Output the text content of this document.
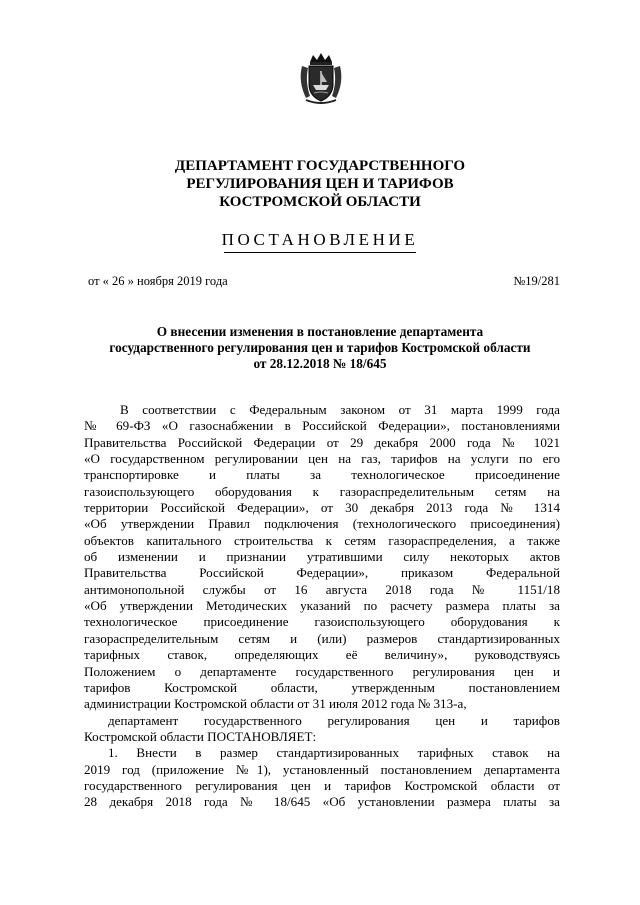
ДЕПАРТАМЕНТ ГОСУДАРСТВЕННОГО
РЕГУЛИРОВАНИЯ ЦЕН И ТАРИФОВ
КОСТРОМСКОЙ ОБЛАСТИ
ПОСТАНОВЛЕНИЕ
от « 26 » ноября 2019 года	№19/281
О внесении изменения в постановление департамента
государственного регулирования цен и тарифов Костромской области
от 28.12.2018 № 18/645
В соответствии с Федеральным законом от 31 марта 1999 года
№ 69-ФЗ «О газоснабжении в Российской Федерации», постановлениями
Правительства Российской Федерации от 29 декабря 2000 года № 1021
«О государственном регулировании цен на газ, тарифов на услуги по его
транспортировке и платы за технологическое присоединение
газоиспользующего оборудования к газораспределительным сетям на
территории Российской Федерации», от 30 декабря 2013 года № 1314
«Об утверждении Правил подключения (технологического присоединения)
объектов капитального строительства к сетям газораспределения, а также
об изменении и признании утратившими силу некоторых актов
Правительства Российской Федерации», приказом Федеральной
антимонопольной службы от 16 августа 2018 года № 1151/18
«Об утверждении Методических указаний по расчету размера платы за
технологическое присоединение газоиспользующего оборудования к
газораспределительным сетям и (или) размеров стандартизированных
тарифных ставок, определяющих её величину», руководствуясь
Положением о департаменте государственного регулирования цен и
тарифов Костромской области, утвержденным постановлением
администрации Костромской области от 31 июля 2012 года № 313-а,
департамент государственного регулирования цен и тарифов
Костромской области ПОСТАНОВЛЯЕТ:
1. Внести в размер стандартизированных тарифных ставок на
2019 год (приложение №1), установленный постановлением департамента
государственного регулирования цен и тарифов Костромской области от
28 декабря 2018 года № 18/645 «Об установлении размера платы за
